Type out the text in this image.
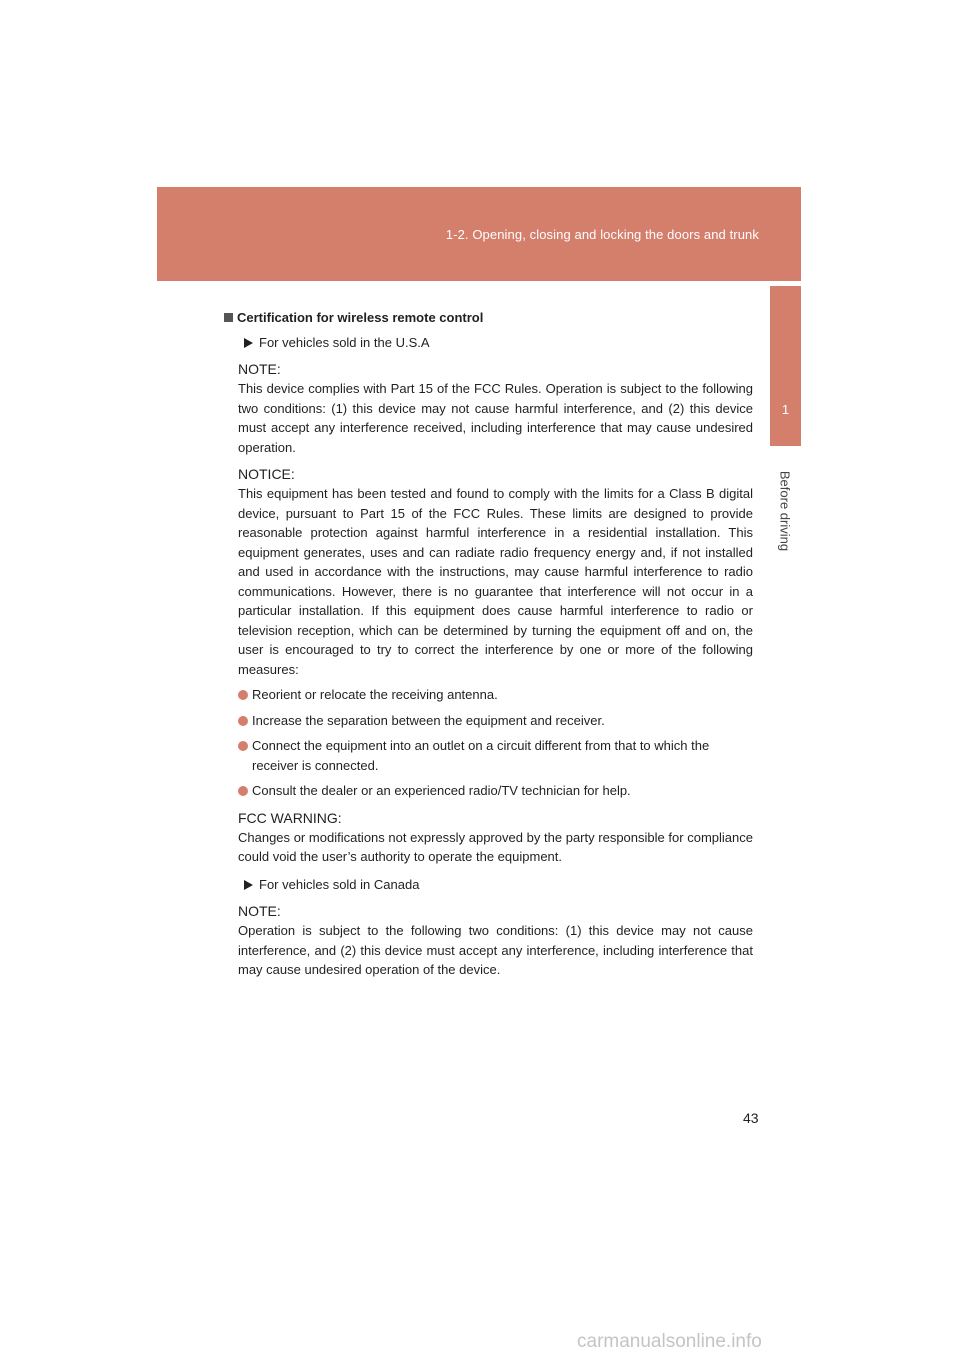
1-2. Opening, closing and locking the doors and trunk
1
Before driving
Certification for wireless remote control
For vehicles sold in the U.S.A
NOTE:
This device complies with Part 15 of the FCC Rules. Operation is subject to the following two conditions: (1) this device may not cause harmful interference, and (2) this device must accept any interference received, including interference that may cause undesired operation.
NOTICE:
This equipment has been tested and found to comply with the limits for a Class B digital device, pursuant to Part 15 of the FCC Rules. These limits are designed to provide reasonable protection against harmful interference in a residential installation. This equipment generates, uses and can radiate radio frequency energy and, if not installed and used in accordance with the instructions, may cause harmful interference to radio communications. However, there is no guarantee that interference will not occur in a particular installation. If this equipment does cause harmful interference to radio or television reception, which can be determined by turning the equipment off and on, the user is encouraged to try to correct the interference by one or more of the following measures:
Reorient or relocate the receiving antenna.
Increase the separation between the equipment and receiver.
Connect the equipment into an outlet on a circuit different from that to which the receiver is connected.
Consult the dealer or an experienced radio/TV technician for help.
FCC WARNING:
Changes or modifications not expressly approved by the party responsible for compliance could void the user’s authority to operate the equipment.
For vehicles sold in Canada
NOTE:
Operation is subject to the following two conditions: (1) this device may not cause interference, and (2) this device must accept any interference, including interference that may cause undesired operation of the device.
43
carmanualsonline.info
